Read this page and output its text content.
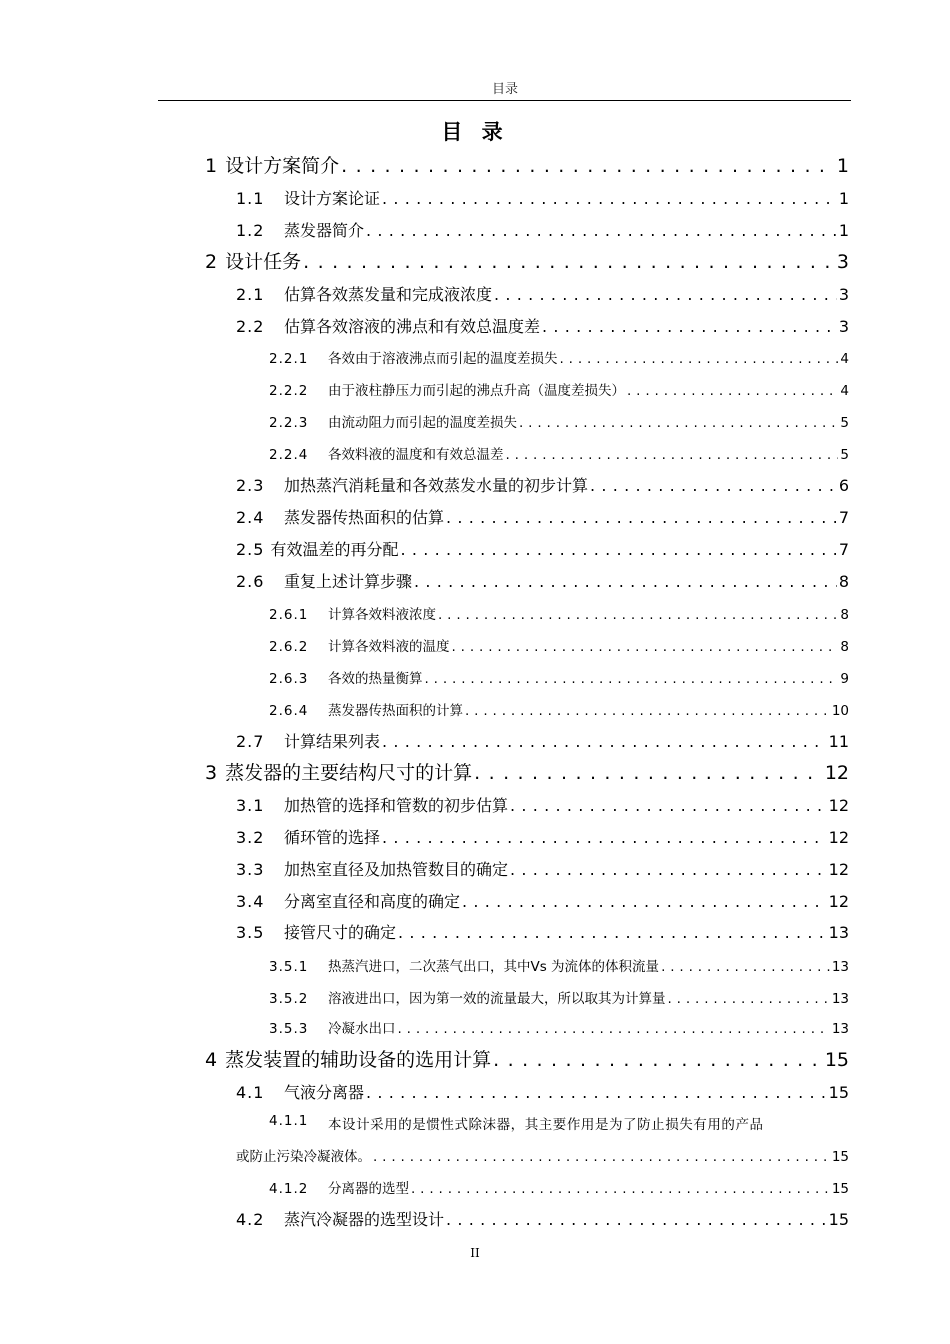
目录
目 录
1 设计方案简介 . . .	1
1.1	设计方案论证 . . .	1
1.2	蒸发器简介 . . .	1
2 设计任务 . . .	3
2.1	估算各效蒸发量和完成液浓度 . . .	3
2.2	估算各效溶液的沸点和有效总温度差 . . .	3
2.2.1	各效由于溶液沸点而引起的温度差损失 . . .	4
2.2.2	由于液柱静压力而引起的沸点升高（温度差损失） . . .	4
2.2.3	由流动阻力而引起的温度差损失 . . .	5
2.2.4	各效料液的温度和有效总温差 . . .	5
2.3	加热蒸汽消耗量和各效蒸发水量的初步计算 . . .	6
2.4	蒸发器传热面积的估算 . . .	7
2.5 有效温差的再分配 . . .	7
2.6	重复上述计算步骤 . . .	8
2.6.1	计算各效料液浓度 . . .	8
2.6.2	计算各效料液的温度 . . .	8
2.6.3	各效的热量衡算 . . .	9
2.6.4	蒸发器传热面积的计算 . . .	10
2.7	计算结果列表 . . .	11
3 蒸发器的主要结构尺寸的计算 . . .	12
3.1	加热管的选择和管数的初步估算 . . .	12
3.2	循环管的选择 . . .	12
3.3	加热室直径及加热管数目的确定 . . .	12
3.4	分离室直径和高度的确定 . . .	12
3.5	接管尺寸的确定 . . .	13
3.5.1	热蒸汽进口，二次蒸气出口，其中Vs 为流体的体积流量 . . .	13
3.5.2	溶液进出口，因为第一效的流量最大，所以取其为计算量 . . .	13
3.5.3	冷凝水出口 . . .	13
4 蒸发装置的辅助设备的选用计算 . . .	15
4.1	气液分离器 . . .	15
4.1.1	本设计采用的是惯性式除沫器，其主要作用是为了防止损失有用的产品
或防止污染冷凝液体。 . . .	15
4.1.2	分离器的选型 . . .	15
4.2	蒸汽冷凝器的选型设计 . . .	15
II
